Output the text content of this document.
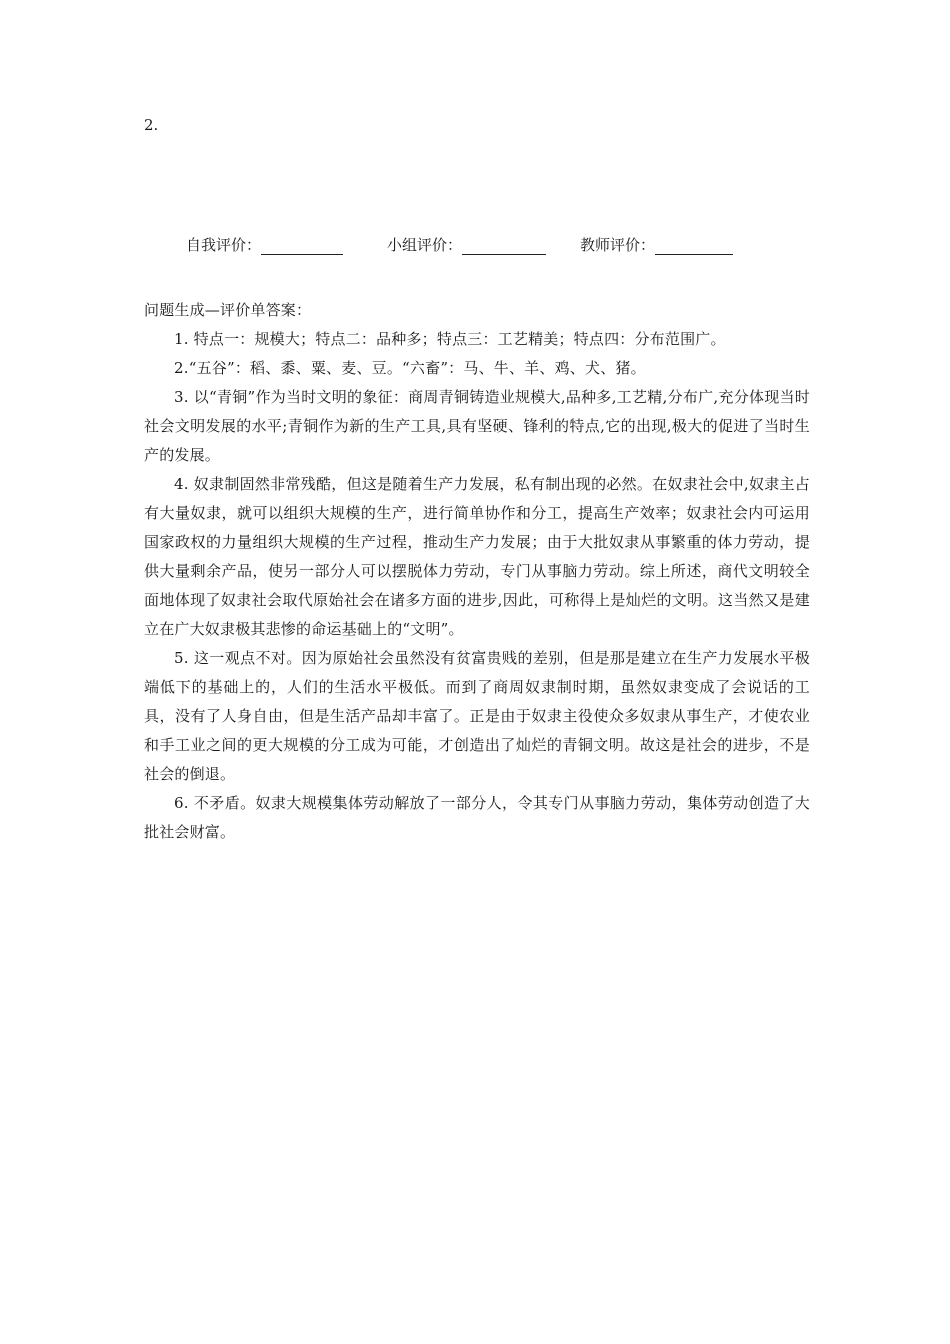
2.
自我评价：	小组评价：	教师评价：

问题生成—评价单答案：

1. 特点一：规模大；特点二：品种多；特点三：工艺精美；特点四：分布范围广。

2.“五谷”：稻、黍、粟、麦、豆。“六畜”：马、牛、羊、鸡、犬、猪。

3. 以“青铜”作为当时文明的象征：商周青铜铸造业规模大,品种多,工艺精,分布广,充分体现当时社会文明发展的水平;青铜作为新的生产工具,具有坚硬、锋利的特点,它的出现,极大的促进了当时生产的发展。

4. 奴隶制固然非常残酷，但这是随着生产力发展，私有制出现的必然。在奴隶社会中,奴隶主占有大量奴隶，就可以组织大规模的生产，进行简单协作和分工，提高生产效率；奴隶社会内可运用国家政权的力量组织大规模的生产过程，推动生产力发展；由于大批奴隶从事繁重的体力劳动，提供大量剩余产品，使另一部分人可以摆脱体力劳动，专门从事脑力劳动。综上所述，商代文明较全面地体现了奴隶社会取代原始社会在诸多方面的进步,因此，可称得上是灿烂的文明。这当然又是建立在广大奴隶极其悲惨的命运基础上的“文明”。

5. 这一观点不对。因为原始社会虽然没有贫富贵贱的差别，但是那是建立在生产力发展水平极端低下的基础上的，人们的生活水平极低。而到了商周奴隶制时期，虽然奴隶变成了会说话的工具，没有了人身自由，但是生活产品却丰富了。正是由于奴隶主役使众多奴隶从事生产，才使农业和手工业之间的更大规模的分工成为可能，才创造出了灿烂的青铜文明。故这是社会的进步，不是社会的倒退。

6. 不矛盾。奴隶大规模集体劳动解放了一部分人，令其专门从事脑力劳动，集体劳动创造了大批社会财富。
